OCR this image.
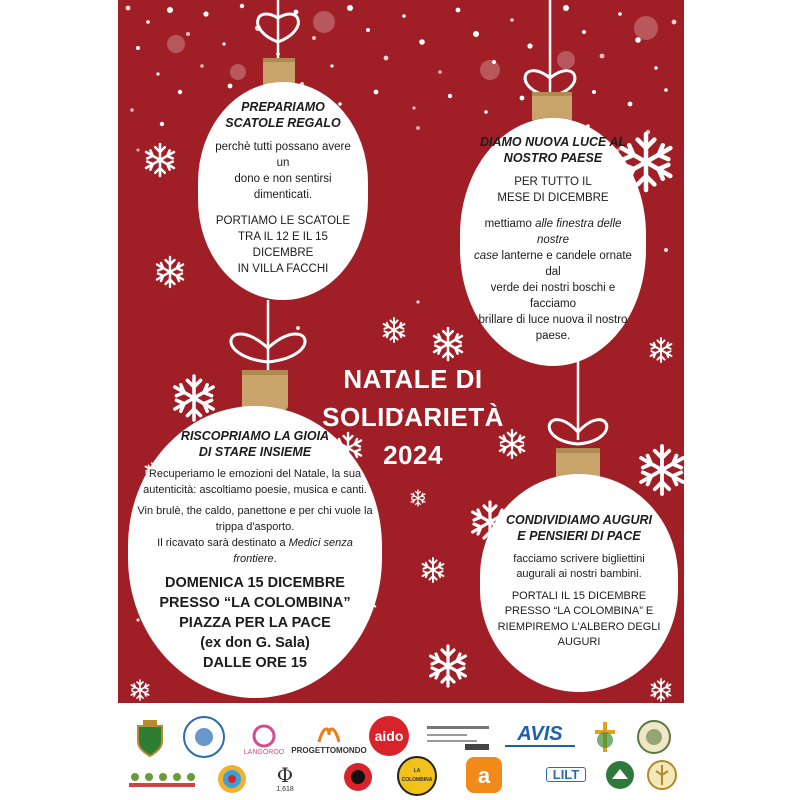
PREPARIAMO
SCATOLE REGALO
perchè tutti possano avere un
dono e non sentirsi dimenticati.
PORTIAMO LE SCATOLE
TRA IL 12 E IL 15 DICEMBRE
IN VILLA FACCHI
DIAMO NUOVA LUCE AL
NOSTRO PAESE
PER TUTTO IL
MESE DI DICEMBRE
mettiamo alle finestra delle nostre
case lanterne e candele ornate dal
verde dei nostri boschi e facciamo
brillare di luce nuova il nostro
paese.
NATALE DI
SOLIDARIETÀ
2024
RISCOPRIAMO LA GIOIA
DI STARE INSIEME
Recuperiamo le emozioni del Natale, la sua
autenticità: ascoltiamo poesie, musica e canti.
Vin brulè, the caldo, panettone e per chi vuole la
trippa d'asporto.
Il ricavato sarà destinato a Medici senza frontiere.
DOMENICA 15 DICEMBRE
PRESSO “LA COLOMBINA”
PIAZZA PER LA PACE
(ex don G. Sala)
DALLE ORE 15
CONDIVIDIAMO AUGURI
E PENSIERI DI PACE
facciamo scrivere bigliettini
augurali ai nostri bambini.
PORTALI IL 15 DICEMBRE
PRESSO “LA COLOMBINA” E
RIEMPIREMO L'ALBERO DEGLI
AUGURI
LANGOROO PROGETTOMONDO
aido	AVIS
Φ
1,618
LA COLOMBINA	a	LILT
